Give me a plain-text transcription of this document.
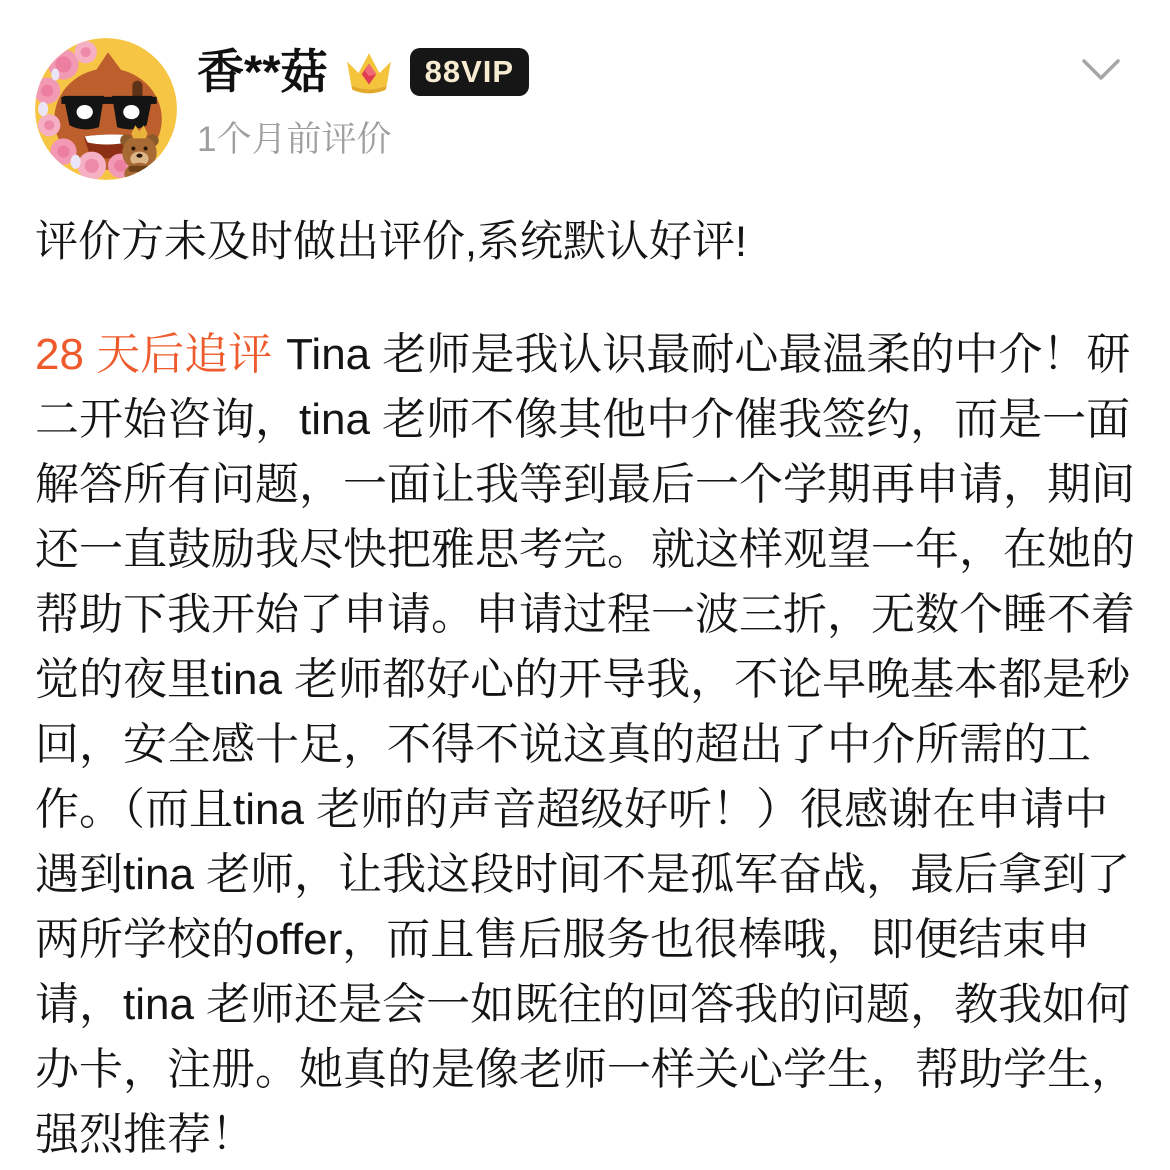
香**菇	88VIP
1个月前评价

评价方未及时做出评价,系统默认好评!

28 天后追评 Tina 老师是我认识最耐心最温柔的中介！研二开始咨询，tina 老师不像其他中介催我签约，而是一面解答所有问题，一面让我等到最后一个学期再申请，期间还一直鼓励我尽快把雅思考完。就这样观望一年，在她的帮助下我开始了申请。申请过程一波三折，无数个睡不着觉的夜里tina 老师都好心的开导我，不论早晚基本都是秒回，安全感十足，不得不说这真的超出了中介所需的工作。（而且tina 老师的声音超级好听！）很感谢在申请中遇到tina 老师，让我这段时间不是孤军奋战，最后拿到了两所学校的offer，而且售后服务也很棒哦，即便结束申请，tina 老师还是会一如既往的回答我的问题，教我如何办卡，注册。她真的是像老师一样关心学生，帮助学生，强烈推荐！
